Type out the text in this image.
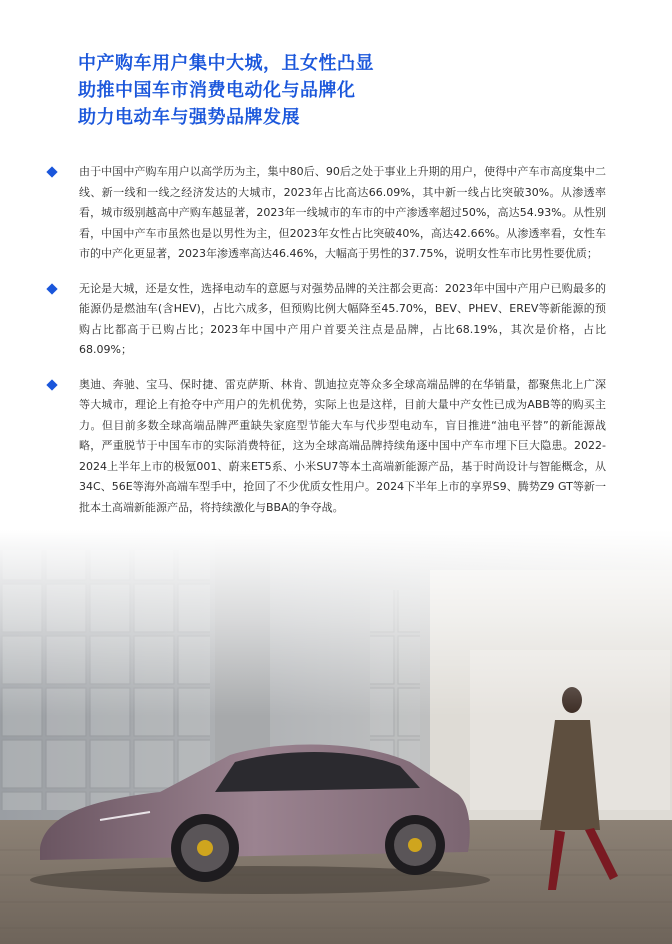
中产购车用户集中大城，且女性凸显
助推中国车市消费电动化与品牌化
助力电动车与强势品牌发展
由于中国中产购车用户以高学历为主，集中80后、90后之处于事业上升期的用户，使得中产车市高度集中二线、新一线和一线之经济发达的大城市，2023年占比高达66.09%，其中新一线占比突破30%。从渗透率看，城市级别越高中产购车越显著，2023年一线城市的车市的中产渗透率超过50%，高达54.93%。从性别看，中国中产车市虽然也是以男性为主，但2023年女性占比突破40%，高达42.66%。从渗透率看，女性车市的中产化更显著，2023年渗透率高达46.46%，大幅高于男性的37.75%，说明女性车市比男性要优质；
无论是大城，还是女性，选择电动车的意愿与对强势品牌的关注都会更高：2023年中国中产用户已购最多的能源仍是燃油车(含HEV)，占比六成多，但预购比例大幅降至45.70%，BEV、PHEV、EREV等新能源的预购占比都高于已购占比；2023年中国中产用户首要关注点是品牌，占比68.19%，其次是价格，占比68.09%；
奥迪、奔驰、宝马、保时捷、雷克萨斯、林肯、凯迪拉克等众多全球高端品牌的在华销量，都聚焦北上广深等大城市，理论上有抢夺中产用户的先机优势，实际上也是这样，目前大量中产女性已成为ABB等的购买主力。但目前多数全球高端品牌严重缺失家庭型节能大车与代步型电动车，盲目推进“油电平替”的新能源战略，严重脱节于中国车市的实际消费特征，这为全球高端品牌持续角逐中国中产车市埋下巨大隐患。2022-2024上半年上市的极氪001、蔚来ET5系、小米SU7等本土高端新能源产品，基于时尚设计与智能概念，从34C、56E等海外高端车型手中，抢回了不少优质女性用户。2024下半年上市的享界S9、腾势Z9 GT等新一批本土高端新能源产品，将持续激化与BBA的争夺战。
